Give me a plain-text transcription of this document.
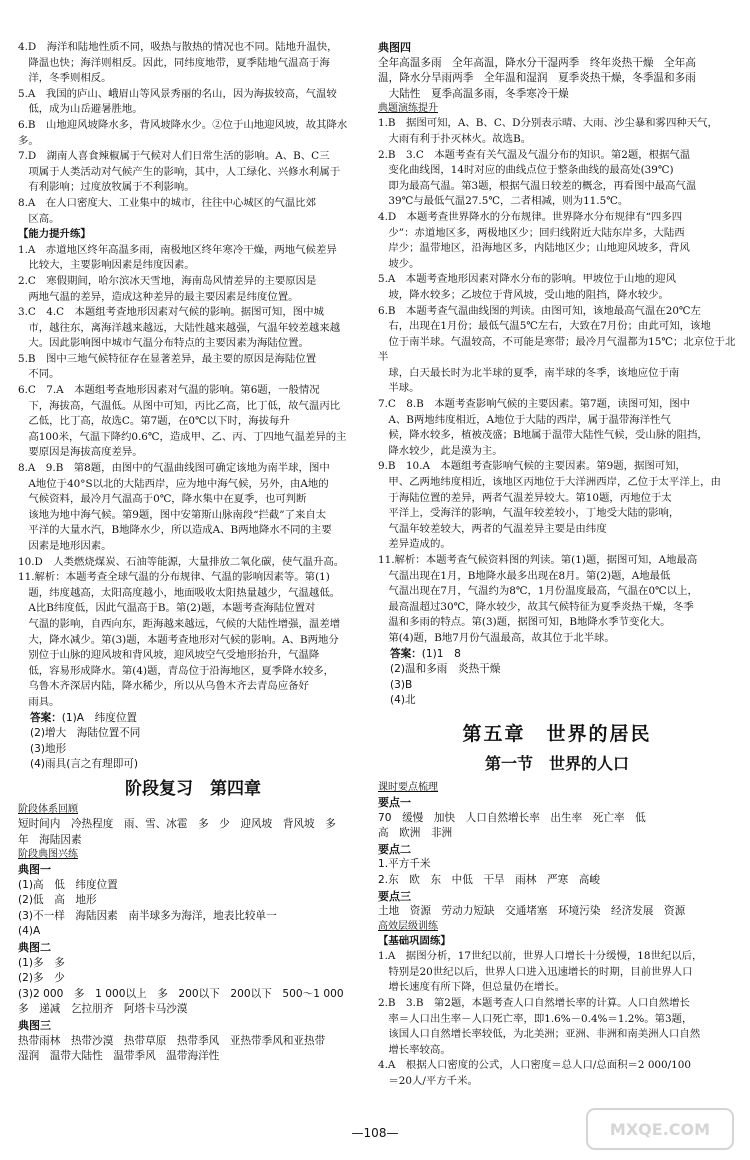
4.D　海洋和陆地性质不同，吸热与散热的情况也不同。陆地升温快，

　降温也快；海洋则相反。因此，同纬度地带，夏季陆地气温高于海

　洋，冬季则相反。

5.A　我国的庐山、峨眉山等风景秀丽的名山，因为海拔较高，气温较

　低，成为山岳避暑胜地。

6.B　山地迎风坡降水多，背风坡降水少。②位于山地迎风坡，故其降水多。

7.D　湖南人喜食辣椒属于气候对人们日常生活的影响。A、B、C三

　项属于人类活动对气候产生的影响，其中，人工绿化、兴修水利属于

　有利影响；过度放牧属于不利影响。

8.A　在人口密度大、工业集中的城市，往往中心城区的气温比郊

　区高。

【能力提升练】

1.A　赤道地区终年高温多雨，南极地区终年寒冷干燥，两地气候差异

　比较大，主要影响因素是纬度因素。

2.C　寒假期间，哈尔滨冰天雪地，海南岛风情差异的主要原因是

　两地气温的差异，造成这种差异的最主要因素是纬度位置。

3.C　4.C　本题组考查地形因素对气候的影响。据图可知，图中城

　市，越往东，离海洋越来越远，大陆性越来越强，气温年较差越来越

　大。因此影响图中城市气温分布特点的主要因素为海陆位置。

5.B　图中三地气候特征存在显著差异，最主要的原因是海陆位置

　不同。

6.C　7.A　本题组考查地形因素对气温的影响。第6题，一般情况

　下，海拔高，气温低。从图中可知，丙比乙高，比丁低，故气温丙比

　乙低，比丁高，故选C。第7题，在0℃以下时，海拔每升

　高100米，气温下降约0.6℃，造成甲、乙、丙、丁四地气温差异的主

　要原因是海拔高度差异。

8.A　9.B　第8题，由图中的气温曲线图可确定该地为南半球，图中

　A地位于40°S以北的大陆西岸，应为地中海气候，另外，由A地的

　气候资料，最冷月气温高于0℃，降水集中在夏季，也可判断

　该地为地中海气候。第9题，图中安第斯山脉南段“拦截”了来自太

　平洋的大量水汽，B地降水少，所以造成A、B两地降水不同的主要

　因素是地形因素。

10.D　人类燃烧煤炭、石油等能源，大量排放二氧化碳，使气温升高。

11.解析：本题考查全球气温的分布规律、气温的影响因素等。第(1)

　题，纬度越高，太阳高度越小，地面吸收太阳热量越少，气温越低。

　A比B纬度低，因此气温高于B。第(2)题，本题考查海陆位置对

　气温的影响，自西向东，距海越来越远，气候的大陆性增强，温差增

　大，降水减少。第(3)题，本题考查地形对气候的影响。A、B两地分

　别位于山脉的迎风坡和背风坡，迎风坡空气受地形抬升，气温降

　低，容易形成降水。第(4)题，青岛位于沿海地区，夏季降水较多，

　乌鲁木齐深居内陆，降水稀少，所以从乌鲁木齐去青岛应备好

　雨具。

答案：(1)A　纬度位置

(2)增大　海陆位置不同

(3)地形

(4)雨具(言之有理即可)

阶段复习　第四章

阶段体系回顾

短时间内　冷热程度　雨、雪、冰雹　多　少　迎风坡　背风坡　多

年　海陆因素

阶段典图兴练

典图一

(1)高　低　纬度位置

(2)低　高　地形

(3)不一样　海陆因素　南半球多为海洋，地表比较单一

(4)A

典图二

(1)多　多

(2)多　少

(3)2 000　多　1 000以上　多　200以下　200以下　500～1 000

多　递减　乞拉朋齐　阿塔卡马沙漠

典图三

热带雨林　热带沙漠　热带草原　热带季风　亚热带季风和亚热带

湿润　温带大陆性　温带季风　温带海洋性

典图四

全年高温多雨　全年高温，降水分干湿两季　终年炎热干燥　全年高

温，降水分旱雨两季　全年温和湿润　夏季炎热干燥，冬季温和多雨

　大陆性　夏季高温多雨，冬季寒冷干燥

典题演练提升

1.B　据图可知，A、B、C、D分别表示晴、大雨、沙尘暴和雾四种天气，

　大雨有利于扑灭林火。故选B。

2.B　3.C　本题考查有关气温及气温分布的知识。第2题，根据气温

　变化曲线图，14时对应的曲线点位于整条曲线的最高处(39℃)

　即为最高气温。第3题，根据气温日较差的概念，再看图中最高气温

　39℃与最低气温27.5℃，二者相减，则为11.5℃。

4.D　本题考查世界降水的分布规律。世界降水分布规律有“四多四

　少”：赤道地区多，两极地区少；回归线附近大陆东岸多，大陆西

　岸少；温带地区，沿海地区多，内陆地区少；山地迎风坡多，背风

　坡少。

5.A　本题考查地形因素对降水分布的影响。甲坡位于山地的迎风

　坡，降水较多；乙坡位于背风坡，受山地的阻挡，降水较少。

6.B　本题考查气温曲线图的判读。由图可知，该地最高气温在20℃左

　右，出现在1月份；最低气温5℃左右，大致在7月份；由此可知，该地

　位于南半球。气温较高，不可能是寒带；最冷月气温都为15℃；北京位于北半

　球，白天最长时为北半球的夏季，南半球的冬季，该地应位于南

　半球。

7.C　8.B　本题考查影响气候的主要因素。第7题，读图可知，图中

　A、B两地纬度相近，A地位于大陆的西岸，属于温带海洋性气

　候，降水较多，植被茂盛；B地属于温带大陆性气候，受山脉的阻挡，

　降水较少，此是漠为主。

9.B　10.A　本题组考查影响气候的主要因素。第9题，据图可知，

　甲、乙两地纬度相近，该地区丙地位于大洋洲西岸，乙位于太平洋上，由

　于海陆位置的差异，两者气温差异较大。第10题，丙地位于太

　平洋上，受海洋的影响，气温年较差较小，丁地受大陆的影响，

　气温年较差较大，两者的气温差异主要是由纬度

　差异造成的。

11.解析：本题考查气候资料图的判读。第(1)题，据图可知，A地最高

　气温出现在1月，B地降水最多出现在8月。第(2)题，A地最低

　气温出现在7月，气温约为8℃，1月份温度最高，气温在0℃以上，

　最高温超过30℃，降水较少，故其气候特征为夏季炎热干燥，冬季

　温和多雨的特点。第(3)题，据图可知，B地降水季节变化大。

　第(4)题，B地7月份气温最高，故其位于北半球。

答案：(1)1　8

(2)温和多雨　炎热干燥

(3)B

(4)北

第五章　世界的居民
第一节　世界的人口

课时要点梳理

要点一

70　缓慢　加快　人口自然增长率　出生率　死亡率　低

高　欧洲　非洲

要点二

1.平方千米

2.东　欧　东　中低　干旱　雨林　严寒　高峻

要点三

土地　资源　劳动力短缺　交通堵塞　环境污染　经济发展　资源

高效层级训练

【基础巩固练】

1.A　据图分析，17世纪以前，世界人口增长十分缓慢，18世纪以后，

　特别是20世纪以后，世界人口进入迅速增长的时期，目前世界人口

　增长速度有所下降，但总量仍在增长。

2.B　3.B　第2题，本题考查人口自然增长率的计算。人口自然增长

　率＝人口出生率－人口死亡率，即1.6%－0.4%＝1.2%。第3题，

　该国人口自然增长率较低，为北美洲；亚洲、非洲和南美洲人口自然

　增长率较高。

4.A　根据人口密度的公式，人口密度＝总人口/总面积＝2 000/100

　＝20人/平方千米。

—108—	MXQE.COM
